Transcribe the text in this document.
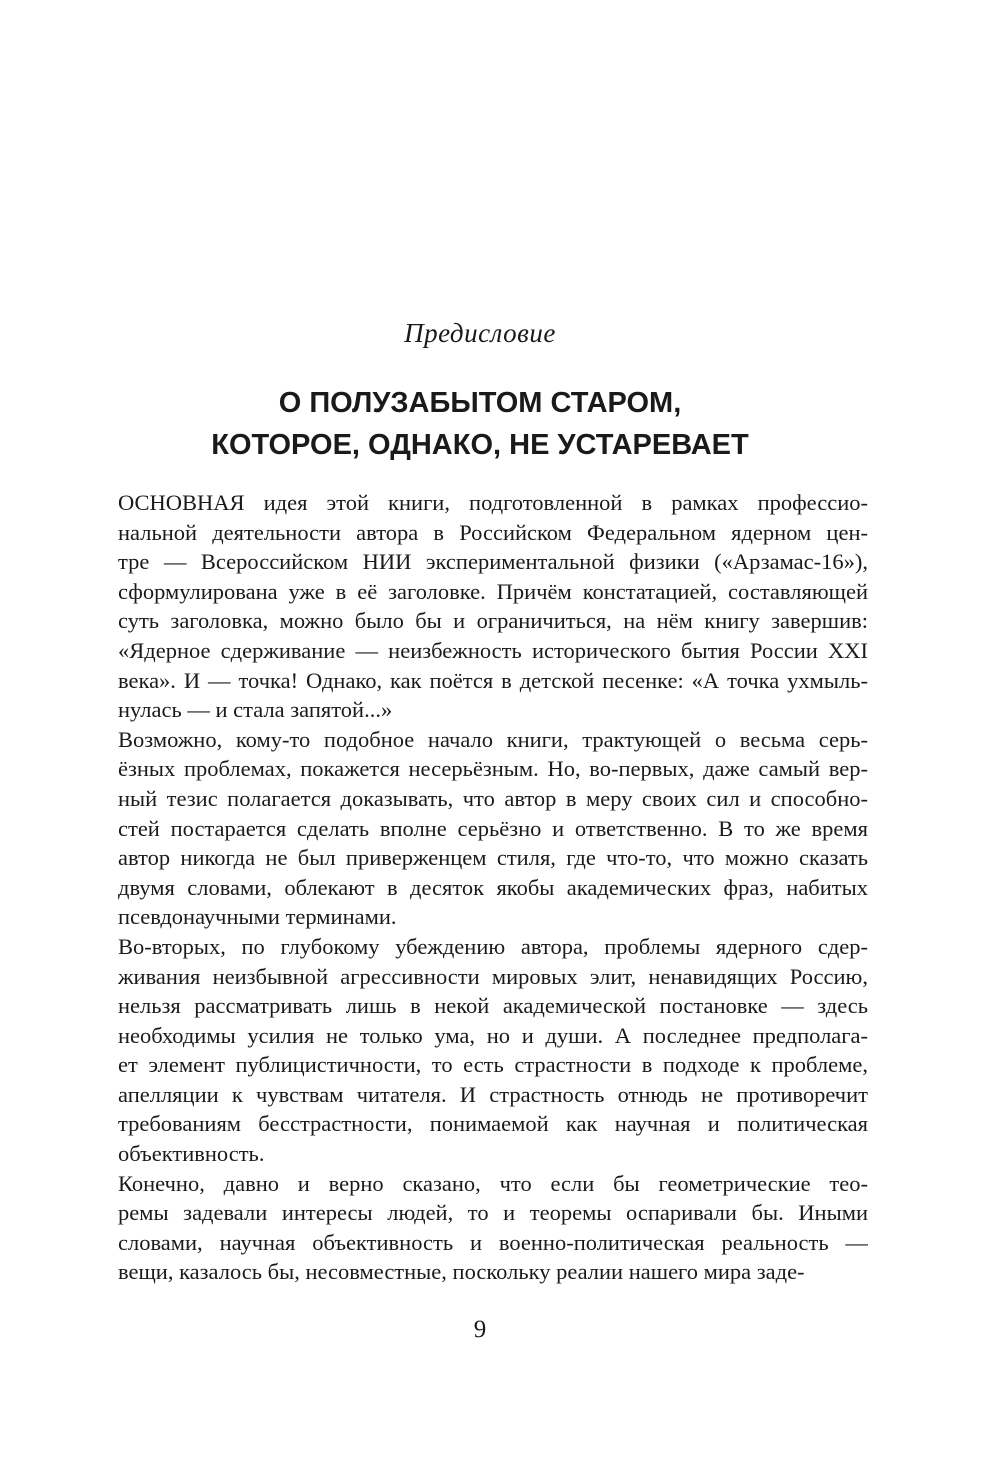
Предисловие

О ПОЛУЗАБЫТОМ СТАРОМ,
КОТОРОЕ, ОДНАКО, НЕ УСТАРЕВАЕТ

ОСНОВНАЯ идея этой книги, подготовленной в рамках профессио-
нальной деятельности автора в Российском Федеральном ядерном цен-
тре — Всероссийском НИИ экспериментальной физики («Арзамас-16»),
сформулирована уже в её заголовке. Причём констатацией, составляющей
суть заголовка, можно было бы и ограничиться, на нём книгу завершив:
«Ядерное сдерживание — неизбежность исторического бытия России XXI
века». И — точка! Однако, как поётся в детской песенке: «А точка ухмыль-
нулась — и стала запятой...»

Возможно, кому-то подобное начало книги, трактующей о весьма серь-
ёзных проблемах, покажется несерьёзным. Но, во-первых, даже самый вер-
ный тезис полагается доказывать, что автор в меру своих сил и способно-
стей постарается сделать вполне серьёзно и ответственно. В то же время
автор никогда не был приверженцем стиля, где что-то, что можно сказать
двумя словами, облекают в десяток якобы академических фраз, набитых
псевдонаучными терминами.

Во-вторых, по глубокому убеждению автора, проблемы ядерного сдер-
живания неизбывной агрессивности мировых элит, ненавидящих Россию,
нельзя рассматривать лишь в некой академической постановке — здесь
необходимы усилия не только ума, но и души. А последнее предполага-
ет элемент публицистичности, то есть страстности в подходе к проблеме,
апелляции к чувствам читателя. И страстность отнюдь не противоречит
требованиям бесстрастности, понимаемой как научная и политическая
объективность.

Конечно, давно и верно сказано, что если бы геометрические тео-
ремы задевали интересы людей, то и теоремы оспаривали бы. Иными
словами, научная объективность и военно-политическая реальность —
вещи, казалось бы, несовместные, поскольку реалии нашего мира заде-

9
